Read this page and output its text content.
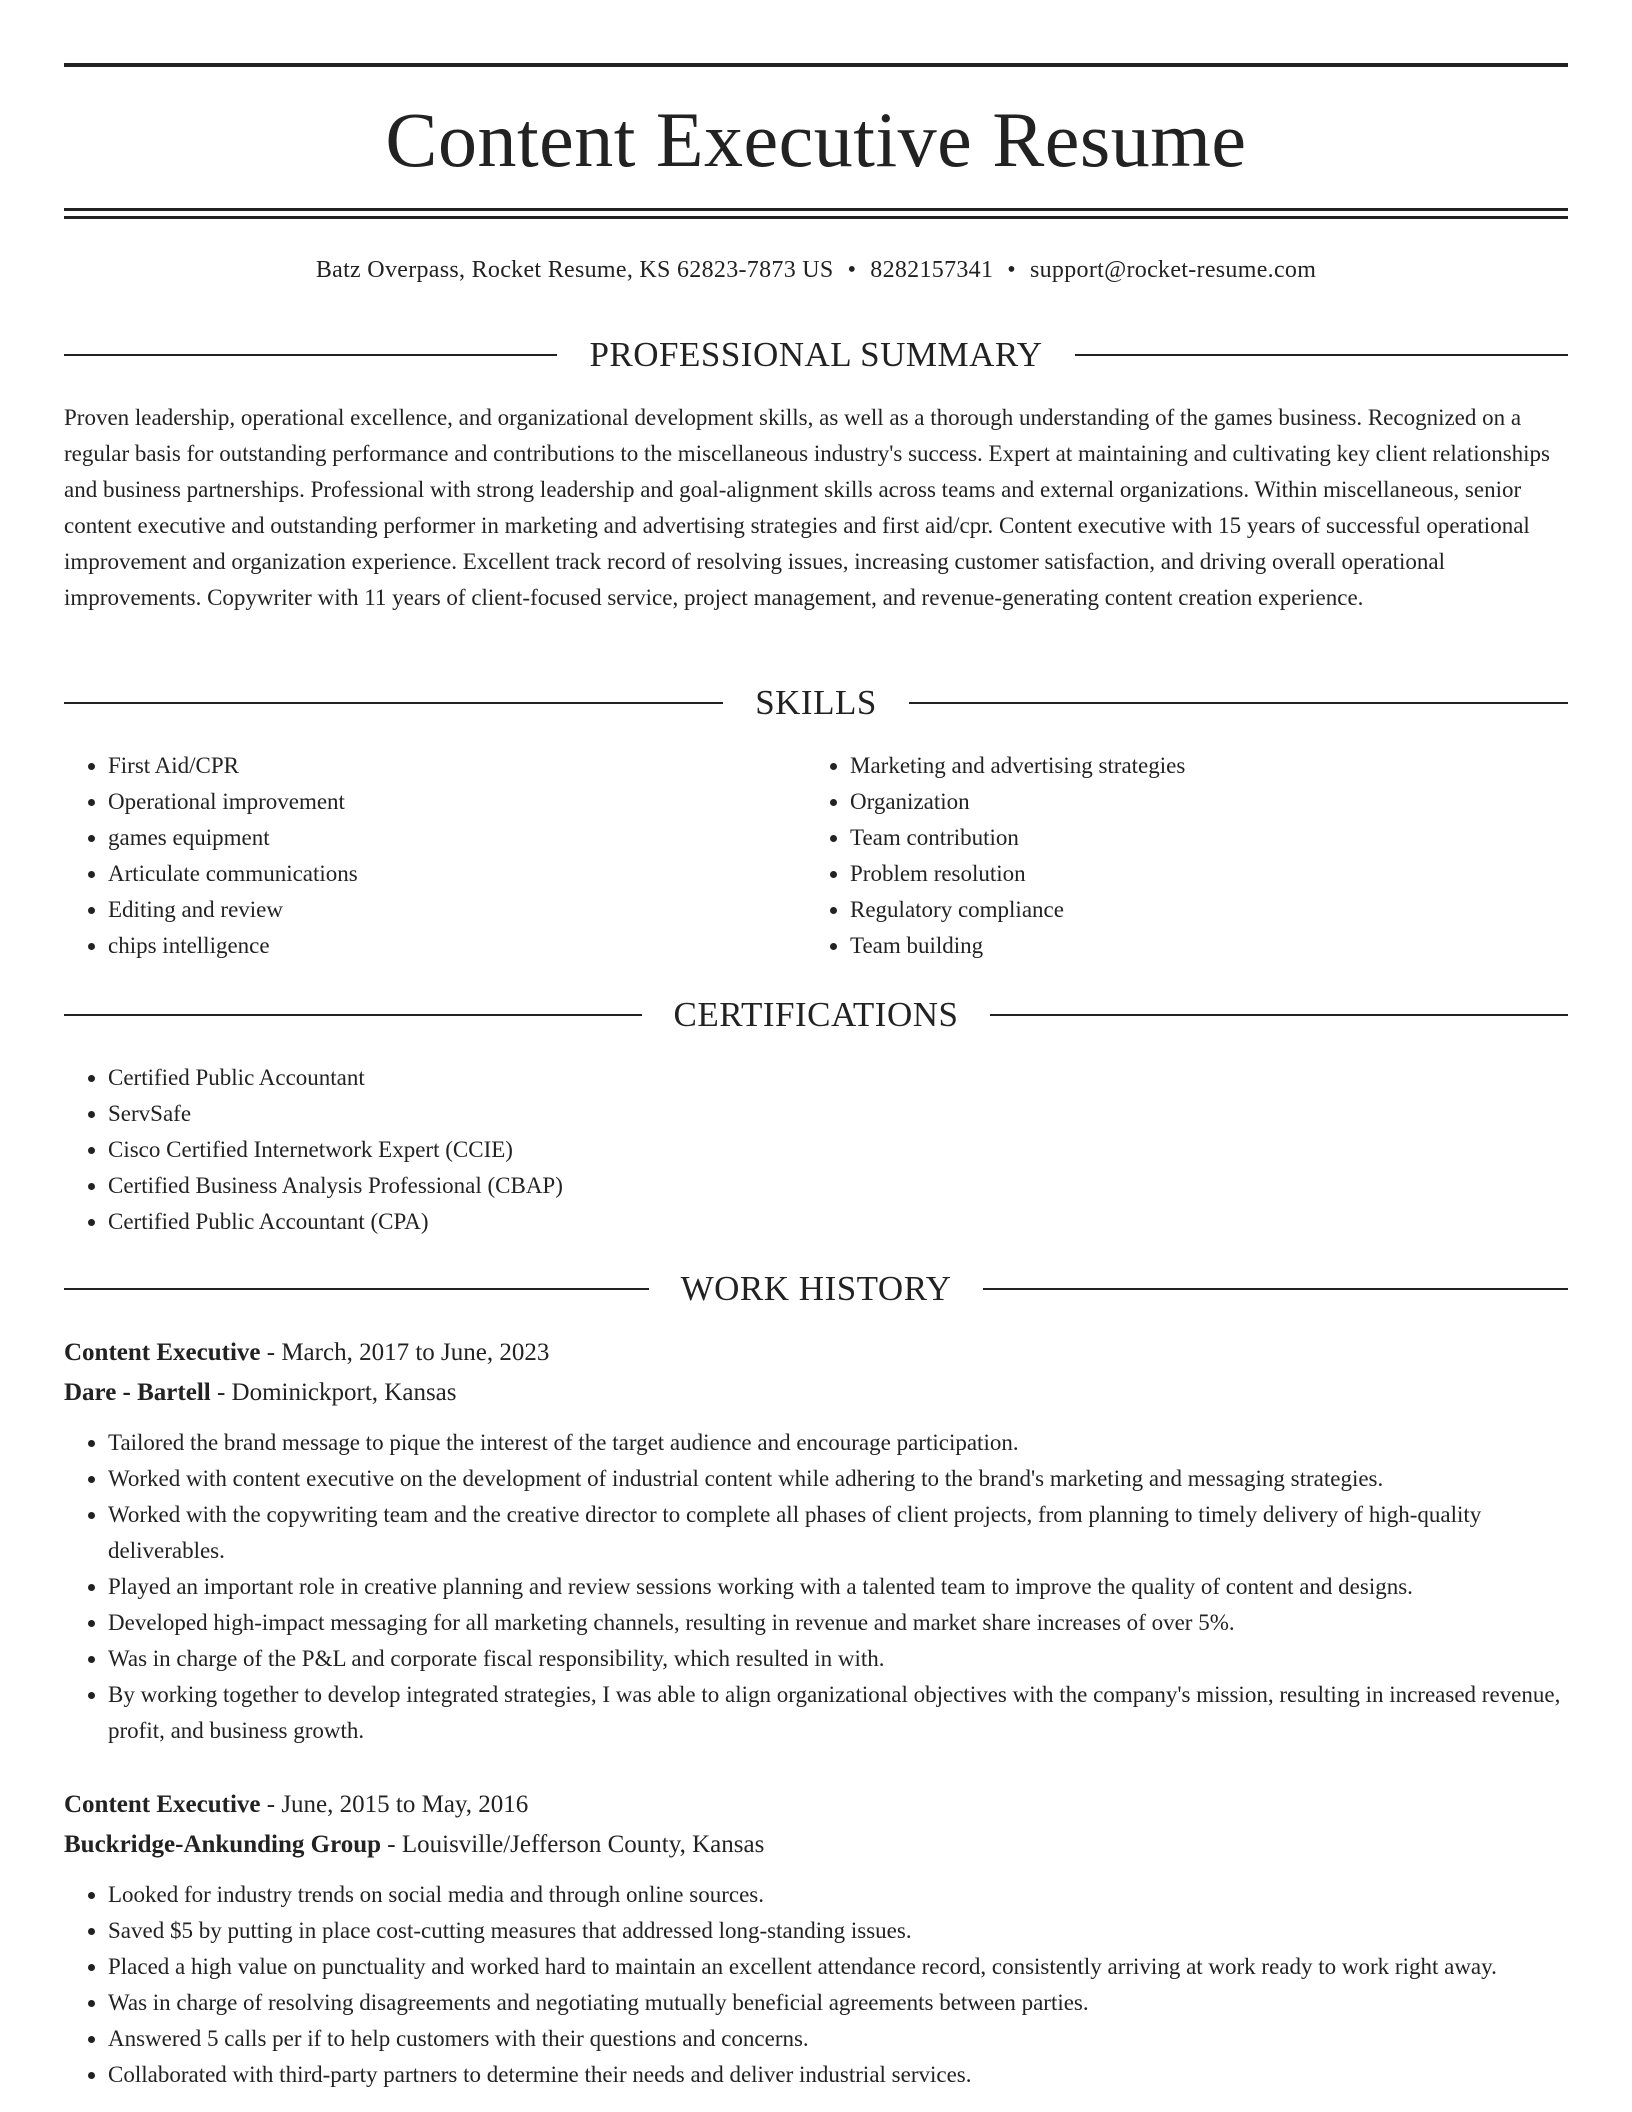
Content Executive Resume
Batz Overpass, Rocket Resume, KS 62823-7873 US • 8282157341 • support@rocket-resume.com
PROFESSIONAL SUMMARY

Proven leadership, operational excellence, and organizational development skills, as well as a thorough understanding of the games business. Recognized on a regular basis for outstanding performance and contributions to the miscellaneous industry's success. Expert at maintaining and cultivating key client relationships and business partnerships. Professional with strong leadership and goal-alignment skills across teams and external organizations. Within miscellaneous, senior content executive and outstanding performer in marketing and advertising strategies and first aid/cpr. Content executive with 15 years of successful operational improvement and organization experience. Excellent track record of resolving issues, increasing customer satisfaction, and driving overall operational improvements. Copywriter with 11 years of client-focused service, project management, and revenue-generating content creation experience.

SKILLS
• First Aid/CPR
• Operational improvement
• games equipment
• Articulate communications
• Editing and review
• chips intelligence
• Marketing and advertising strategies
• Organization
• Team contribution
• Problem resolution
• Regulatory compliance
• Team building
CERTIFICATIONS
• Certified Public Accountant
• ServSafe
• Cisco Certified Internetwork Expert (CCIE)
• Certified Business Analysis Professional (CBAP)
• Certified Public Accountant (CPA)
WORK HISTORY
Content Executive - March, 2017 to June, 2023
Dare - Bartell - Dominickport, Kansas
• Tailored the brand message to pique the interest of the target audience and encourage participation.
• Worked with content executive on the development of industrial content while adhering to the brand's marketing and messaging strategies.
• Worked with the copywriting team and the creative director to complete all phases of client projects, from planning to timely delivery of high-quality deliverables.
• Played an important role in creative planning and review sessions working with a talented team to improve the quality of content and designs.
• Developed high-impact messaging for all marketing channels, resulting in revenue and market share increases of over 5%.
• Was in charge of the P&L and corporate fiscal responsibility, which resulted in with.
• By working together to develop integrated strategies, I was able to align organizational objectives with the company's mission, resulting in increased revenue, profit, and business growth.
Content Executive - June, 2015 to May, 2016
Buckridge-Ankunding Group - Louisville/Jefferson County, Kansas
• Looked for industry trends on social media and through online sources.
• Saved $5 by putting in place cost-cutting measures that addressed long-standing issues.
• Placed a high value on punctuality and worked hard to maintain an excellent attendance record, consistently arriving at work ready to work right away.
• Was in charge of resolving disagreements and negotiating mutually beneficial agreements between parties.
• Answered 5 calls per if to help customers with their questions and concerns.
• Collaborated with third-party partners to determine their needs and deliver industrial services.
